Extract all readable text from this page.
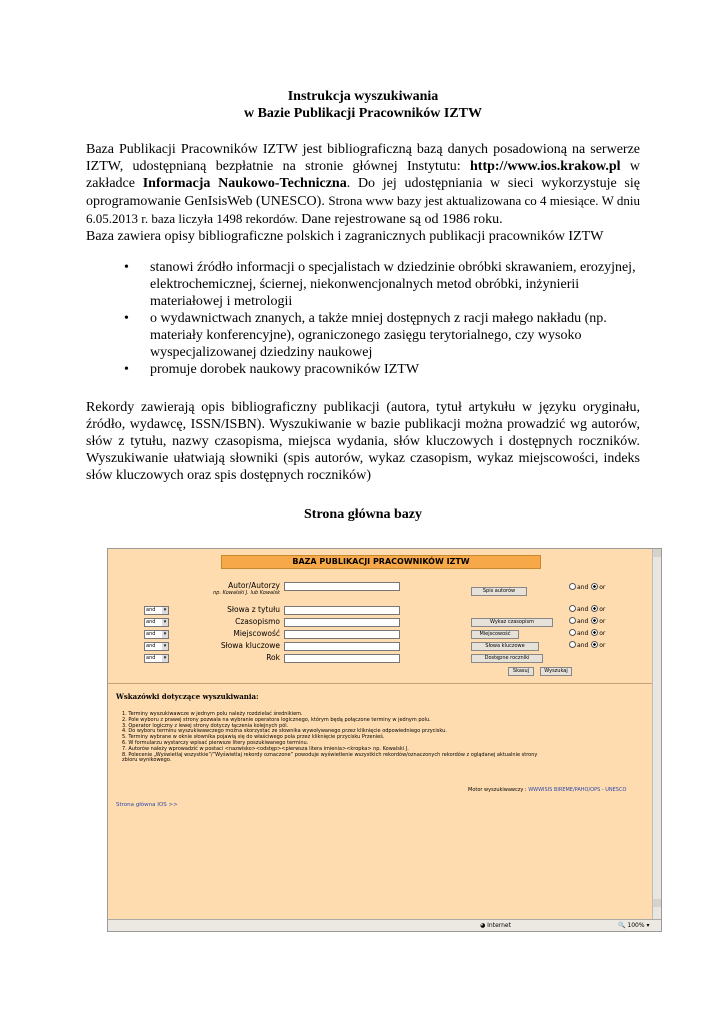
Instrukcja wyszukiwania
w Bazie Publikacji Pracowników IZTW

Baza Publikacji Pracowników IZTW jest bibliograficzną bazą danych posadowioną na serwerze IZTW, udostępnianą bezpłatnie na stronie głównej Instytutu: http://www.ios.krakow.pl w zakładce Informacja Naukowo-Techniczna. Do jej udostępniania w sieci wykorzystuje się oprogramowanie GenIsisWeb (UNESCO). Strona www bazy jest aktualizowana co 4 miesiące. W dniu 6.05.2013 r. baza liczyła 1498 rekordów. Dane rejestrowane są od 1986 roku.

Baza zawiera opisy bibliograficzne polskich i zagranicznych publikacji pracowników IZTW

• stanowi źródło informacji o specjalistach w dziedzinie obróbki skrawaniem, erozyjnej, elektrochemicznej, ściernej, niekonwencjonalnych metod obróbki, inżynierii materiałowej i metrologii
• o wydawnictwach znanych, a także mniej dostępnych z racji małego nakładu (np. materiały konferencyjne), ograniczonego zasięgu terytorialnego, czy wysoko wyspecjalizowanej dziedziny naukowej
• promuje dorobek naukowy pracowników IZTW
Rekordy zawierają opis bibliograficzny publikacji (autora, tytuł artykułu w języku oryginału, źródło, wydawcę, ISSN/ISBN). Wyszukiwanie w bazie publikacji można prowadzić wg autorów, słów z tytułu, nazwy czasopisma, miejsca wydania, słów kluczowych i dostępnych roczników. Wyszukiwanie ułatwiają słowniki (spis autorów, wykaz czasopism, wykaz miejscowości, indeks słów kluczowych oraz spis dostępnych roczników)
Strona główna bazy
BAZA PUBLIKACJI PRACOWNIKÓW IZTW
Autor/Autorzy
np. Kowalski J. lub Kowalsk	Spis autorów	and or
and ▾	Słowa z tytułu	and or
and ▾	Czasopismo	Wykaz czasopism	and or
and ▾	Miejscowość	Miejscowość	and or
and ▾	Słowa kluczowe	Słowa kluczowe	and or
and ▾	Rok	Dostępne roczniki
Skasuj	Wyszukaj
Wskazówki dotyczące wyszukiwania:
1. Terminy wyszukiwawcze w jednym polu należy rozdzielać średnikiem.
2. Pole wyboru z prawej strony pozwala na wybranie operatora logicznego, którym będą połączone terminy w jednym polu.
3. Operator logiczny z lewej strony dotyczy łączenia kolejnych pól.
4. Do wyboru terminu wyszukiwawczego można skorzystać ze słownika wywoływanego przez kliknięcie odpowiedniego przycisku.
5. Terminy wybrane w oknie słownika pojawią się do właściwego pola przez kliknięcie przycisku Przenieś.
6. W formularzu wystarczy wpisać pierwsze litery poszukiwanego terminu.
7. Autorów należy wprowadzić w postaci <nazwisko><odstęp><pierwsza litera imienia><kropka> np. Kowalski J.
8. Polecenie „Wyświetlaj wszystkie”/”Wyświetlaj rekordy oznaczone” powoduje wyświetlenie wszystkich rekordów/oznaczonych rekordów z oglądanej aktualnie strony
zbioru wynikowego.
Motor wyszukiwawczy : WWWISIS BIREME/PAHO/OPS - UNESCO
Strona główna IOS >>
◕ Internet	🔍 100% ▾
